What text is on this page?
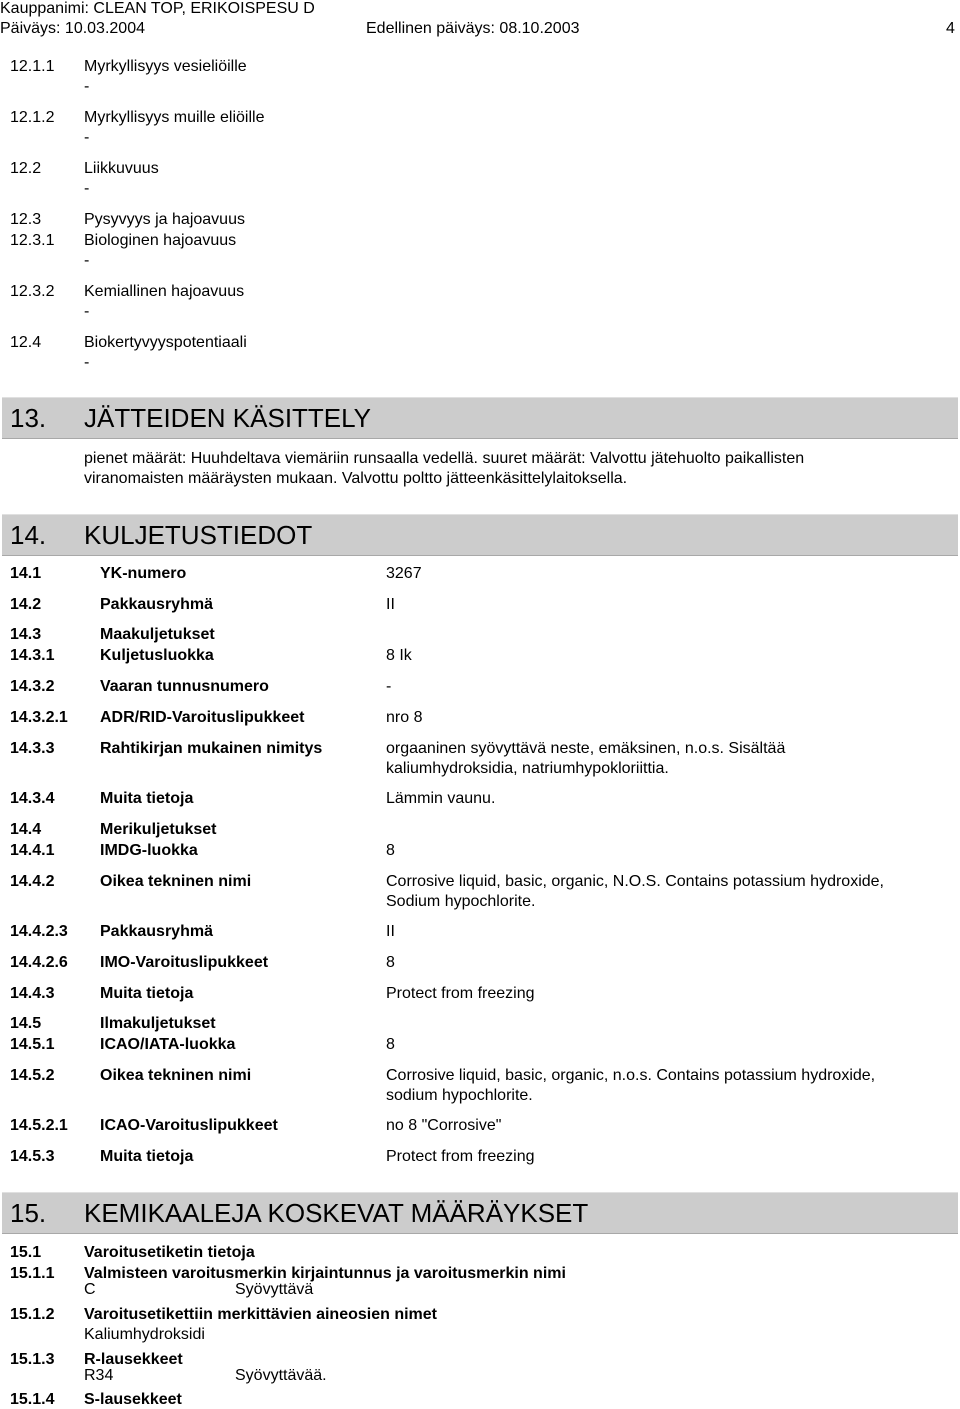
Kauppanimi: CLEAN TOP, ERIKOISPESU D
Päiväys: 10.03.2004	Edellinen päiväys: 08.10.2003	4
12.1.1 Myrkyllisyys vesieliöille
-
12.1.2 Myrkyllisyys muille eliöille
-
12.2	Liikkuvuus
-
12.3	Pysyvyys ja hajoavuus
12.3.1 Biologinen hajoavuus
-
12.3.2 Kemiallinen hajoavuus
-
12.4	Biokertyvyyspotentiaali
-
13. JÄTTEIDEN KÄSITTELY
pienet määrät: Huuhdeltava viemäriin runsaalla vedellä. suuret määrät: Valvottu jätehuolto paikallisten
viranomaisten määräysten mukaan. Valvottu poltto jätteenkäsittelylaitoksella.
14. KULJETUSTIEDOT
14.1	YK-numero	3267
14.2	Pakkausryhmä	II
14.3	Maakuljetukset
14.3.1	Kuljetusluokka	8 Ik
14.3.2	Vaaran tunnusnumero	-
14.3.2.1 ADR/RID-Varoituslipukkeet	nro 8
14.3.3	Rahtikirjan mukainen nimitys	orgaaninen syövyttävä neste, emäksinen, n.o.s. Sisältää
kaliumhydroksidia, natriumhypokloriittia.
14.3.4	Muita tietoja	Lämmin vaunu.
14.4	Merikuljetukset
14.4.1	IMDG-luokka	8
14.4.2	Oikea tekninen nimi	Corrosive liquid, basic, organic, N.O.S. Contains potassium hydroxide,
Sodium hypochlorite.
14.4.2.3 Pakkausryhmä	II
14.4.2.6 IMO-Varoituslipukkeet	8
14.4.3	Muita tietoja	Protect from freezing
14.5	Ilmakuljetukset
14.5.1	ICAO/IATA-luokka	8
14.5.2	Oikea tekninen nimi	Corrosive liquid, basic, organic, n.o.s. Contains potassium hydroxide,
sodium hypochlorite.
14.5.2.1 ICAO-Varoituslipukkeet	no 8 "Corrosive"
14.5.3	Muita tietoja	Protect from freezing
15. KEMIKAALEJA KOSKEVAT MÄÄRÄYKSET
15.1	Varoitusetiketin tietoja
15.1.1 Valmisteen varoitusmerkin kirjaintunnus ja varoitusmerkin nimi
C	Syövyttävä
15.1.2 Varoitusetikettiin merkittävien aineosien nimet
Kaliumhydroksidi
15.1.3 R-lausekkeet
R34	Syövyttävää.
15.1.4 S-lausekkeet
